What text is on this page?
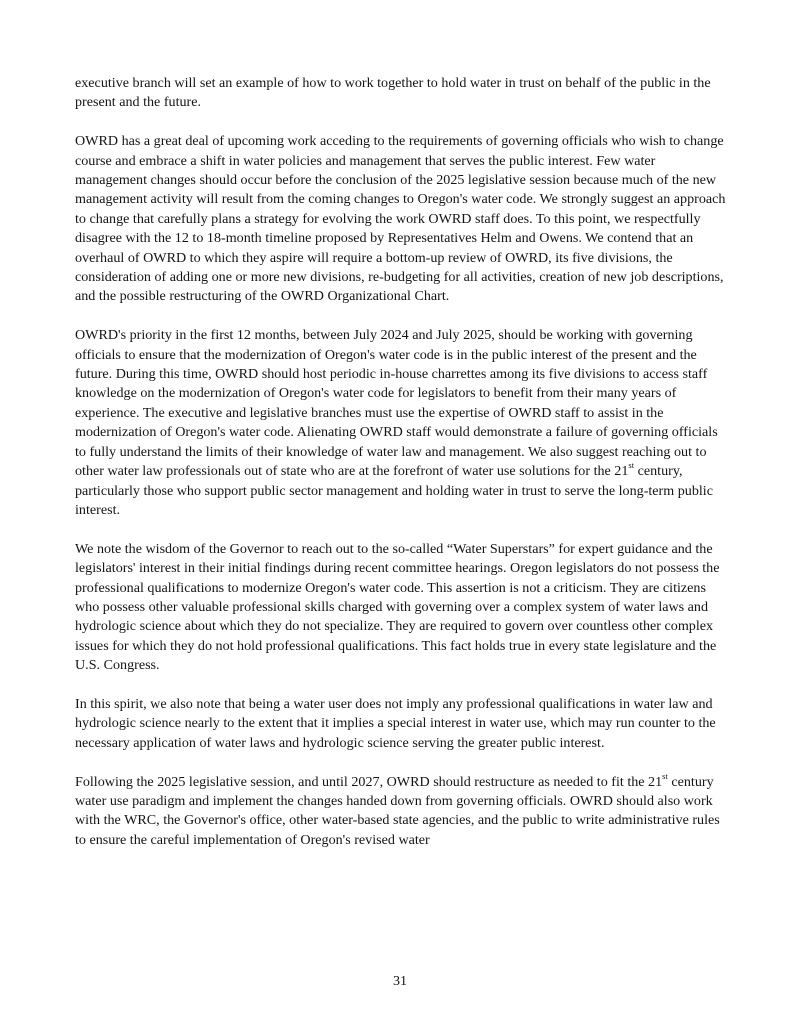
executive branch will set an example of how to work together to hold water in trust on behalf of the public in the present and the future.

OWRD has a great deal of upcoming work acceding to the requirements of governing officials who wish to change course and embrace a shift in water policies and management that serves the public interest. Few water management changes should occur before the conclusion of the 2025 legislative session because much of the new management activity will result from the coming changes to Oregon's water code. We strongly suggest an approach to change that carefully plans a strategy for evolving the work OWRD staff does. To this point, we respectfully disagree with the 12 to 18-month timeline proposed by Representatives Helm and Owens. We contend that an overhaul of OWRD to which they aspire will require a bottom-up review of OWRD, its five divisions, the consideration of adding one or more new divisions, re-budgeting for all activities, creation of new job descriptions, and the possible restructuring of the OWRD Organizational Chart.

OWRD's priority in the first 12 months, between July 2024 and July 2025, should be working with governing officials to ensure that the modernization of Oregon's water code is in the public interest of the present and the future. During this time, OWRD should host periodic in-house charrettes among its five divisions to access staff knowledge on the modernization of Oregon's water code for legislators to benefit from their many years of experience. The executive and legislative branches must use the expertise of OWRD staff to assist in the modernization of Oregon's water code. Alienating OWRD staff would demonstrate a failure of governing officials to fully understand the limits of their knowledge of water law and management. We also suggest reaching out to other water law professionals out of state who are at the forefront of water use solutions for the 21st century, particularly those who support public sector management and holding water in trust to serve the long-term public interest.

We note the wisdom of the Governor to reach out to the so-called “Water Superstars” for expert guidance and the legislators' interest in their initial findings during recent committee hearings. Oregon legislators do not possess the professional qualifications to modernize Oregon's water code. This assertion is not a criticism. They are citizens who possess other valuable professional skills charged with governing over a complex system of water laws and hydrologic science about which they do not specialize. They are required to govern over countless other complex issues for which they do not hold professional qualifications. This fact holds true in every state legislature and the U.S. Congress.

In this spirit, we also note that being a water user does not imply any professional qualifications in water law and hydrologic science nearly to the extent that it implies a special interest in water use, which may run counter to the necessary application of water laws and hydrologic science serving the greater public interest.

Following the 2025 legislative session, and until 2027, OWRD should restructure as needed to fit the 21st century water use paradigm and implement the changes handed down from governing officials. OWRD should also work with the WRC, the Governor's office, other water-based state agencies, and the public to write administrative rules to ensure the careful implementation of Oregon's revised water

31
